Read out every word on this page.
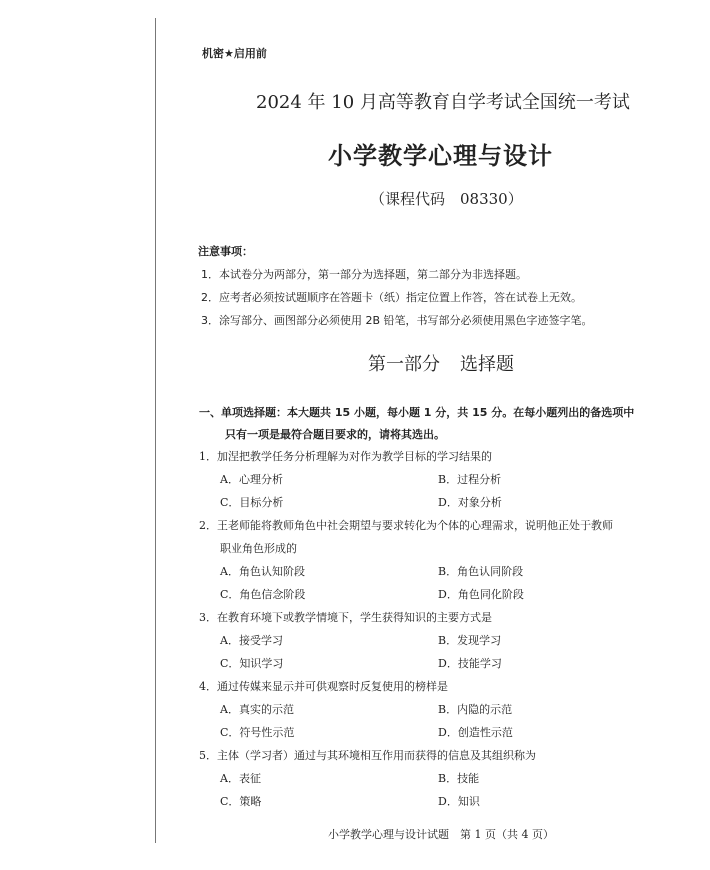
机密★启用前
2024 年 10 月高等教育自学考试全国统一考试
小学教学心理与设计
（课程代码　08330）
注意事项：
1．本试卷分为两部分，第一部分为选择题，第二部分为非选择题。
2．应考者必须按试题顺序在答题卡（纸）指定位置上作答，答在试卷上无效。
3．涂写部分、画图部分必须使用 2B 铅笔，书写部分必须使用黑色字迹签字笔。
第一部分 选择题
一、单项选择题：本大题共 15 小题，每小题 1 分，共 15 分。在每小题列出的备选项中
只有一项是最符合题目要求的，请将其选出。
1．加涅把教学任务分析理解为对作为教学目标的学习结果的
A．心理分析	B．过程分析
C．目标分析	D．对象分析
2．王老师能将教师角色中社会期望与要求转化为个体的心理需求，说明他正处于教师
职业角色形成的
A．角色认知阶段	B．角色认同阶段
C．角色信念阶段	D．角色同化阶段
3．在教育环境下或教学情境下，学生获得知识的主要方式是
A．接受学习	B．发现学习
C．知识学习	D．技能学习
4．通过传媒来显示并可供观察时反复使用的榜样是
A．真实的示范	B．内隐的示范
C．符号性示范	D．创造性示范
5．主体（学习者）通过与其环境相互作用而获得的信息及其组织称为
A．表征	B．技能
C．策略	D．知识
小学教学心理与设计试题　第 1 页（共 4 页）
